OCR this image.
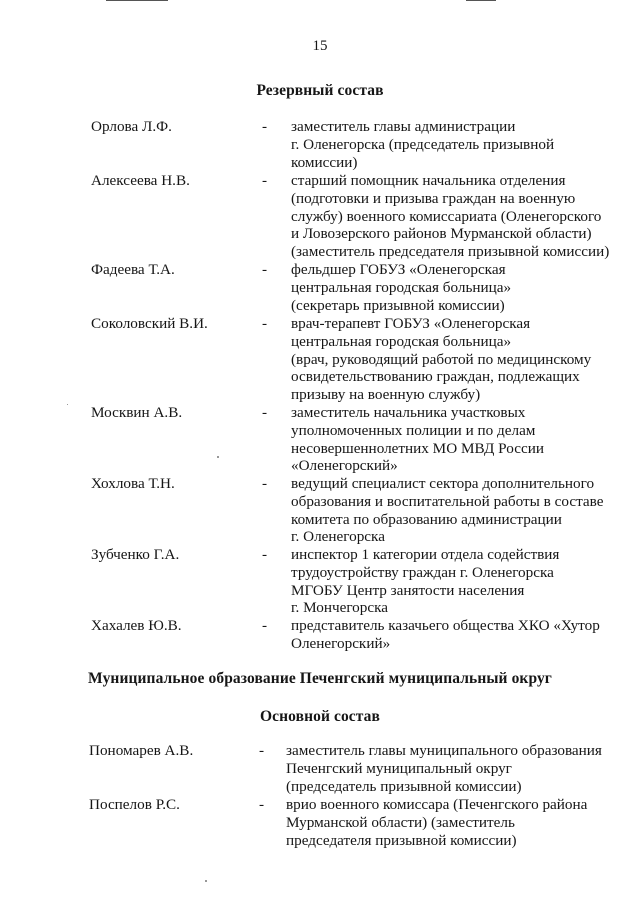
15
Резервный состав
Орлова Л.Ф.	- заместитель главы администрации
г. Оленегорска (председатель призывной
комиссии)
Алексеева Н.В.	- старший помощник начальника отделения
(подготовки и призыва граждан на военную
службу) военного комиссариата (Оленегорского
и Ловозерского районов Мурманской области)
(заместитель председателя призывной комиссии)
Фадеева Т.А.	- фельдшер ГОБУЗ «Оленегорская
центральная городская больница»
(секретарь призывной комиссии)
Соколовский В.И.	- врач-терапевт ГОБУЗ «Оленегорская
центральная городская больница»
(врач, руководящий работой по медицинскому
освидетельствованию граждан, подлежащих
призыву на военную службу)
Москвин А.В.	- заместитель начальника участковых
уполномоченных полиции и по делам
несовершеннолетних МО МВД России
«Оленегорский»
Хохлова Т.Н.	- ведущий специалист сектора дополнительного
образования и воспитательной работы в составе
комитета по образованию администрации
г. Оленегорска
Зубченко Г.А.	- инспектор 1 категории отдела содействия
трудоустройству граждан г. Оленегорска
МГОБУ Центр занятости населения
г. Мончегорска
Хахалев Ю.В.	- представитель казачьего общества ХКО «Хутор
Оленегорский»
Муниципальное образование Печенгский муниципальный округ
Основной состав
Пономарев А.В.	- заместитель главы муниципального образования
Печенгский муниципальный округ
(председатель призывной комиссии)
Поспелов Р.С.	- врио военного комиссара (Печенгского района
Мурманской области) (заместитель
председателя призывной комиссии)
